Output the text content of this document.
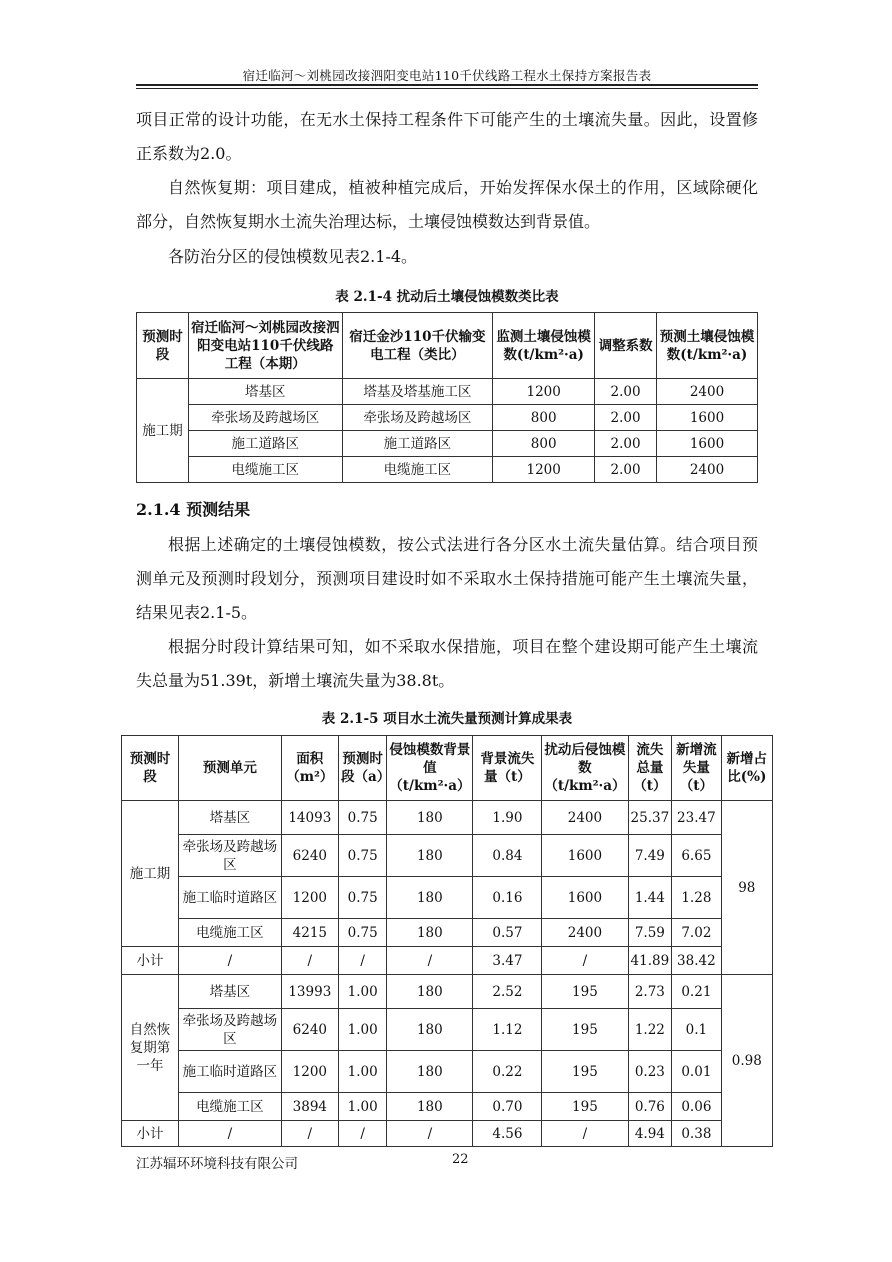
宿迁临河～刘桃园改接泗阳变电站110千伏线路工程水土保持方案报告表

项目正常的设计功能，在无水土保持工程条件下可能产生的土壤流失量。因此，设置修正系数为2.0。

自然恢复期：项目建成，植被种植完成后，开始发挥保水保土的作用，区域除硬化部分，自然恢复期水土流失治理达标，土壤侵蚀模数达到背景值。

各防治分区的侵蚀模数见表2.1-4。

表 2.1-4 扰动后土壤侵蚀模数类比表
预测时段	宿迁临河～刘桃园改接泗阳变电站110千伏线路工程（本期）	宿迁金沙110千伏输变电工程（类比）	监测土壤侵蚀模数(t/km²·a)	调整系数	预测土壤侵蚀模数(t/km²·a)
施工期	塔基区	塔基及塔基施工区	1200	2.00	2400
	牵张场及跨越场区	牵张场及跨越场区	800	2.00	1600
	施工道路区	施工道路区	800	2.00	1600
	电缆施工区	电缆施工区	1200	2.00	2400
2.1.4 预测结果

根据上述确定的土壤侵蚀模数，按公式法进行各分区水土流失量估算。结合项目预测单元及预测时段划分，预测项目建设时如不采取水土保持措施可能产生土壤流失量，结果见表2.1-5。

根据分时段计算结果可知，如不采取水保措施，项目在整个建设期可能产生土壤流失总量为51.39t，新增土壤流失量为38.8t。

表 2.1-5 项目水土流失量预测计算成果表
预测时段	预测单元	面积（m²）	预测时段（a）	侵蚀模数背景值（t/km²·a）	背景流失量（t）	扰动后侵蚀模数（t/km²·a）	流失总量（t）	新增流失量（t）	新增占比(%)
施工期	塔基区	14093	0.75	180	1.90	2400	25.37	23.47	98
	牵张场及跨越场区	6240	0.75	180	0.84	1600	7.49	6.65	
	施工临时道路区	1200	0.75	180	0.16	1600	1.44	1.28	
	电缆施工区	4215	0.75	180	0.57	2400	7.59	7.02	
小计	/	/	/	/	3.47	/	41.89	38.42	
自然恢复期第一年	塔基区	13993	1.00	180	2.52	195	2.73	0.21	0.98
	牵张场及跨越场区	6240	1.00	180	1.12	195	1.22	0.1	
	施工临时道路区	1200	1.00	180	0.22	195	0.23	0.01	
	电缆施工区	3894	1.00	180	0.70	195	0.76	0.06	
小计	/	/	/	/	4.56	/	4.94	0.38	
江苏辐环环境科技有限公司	22
